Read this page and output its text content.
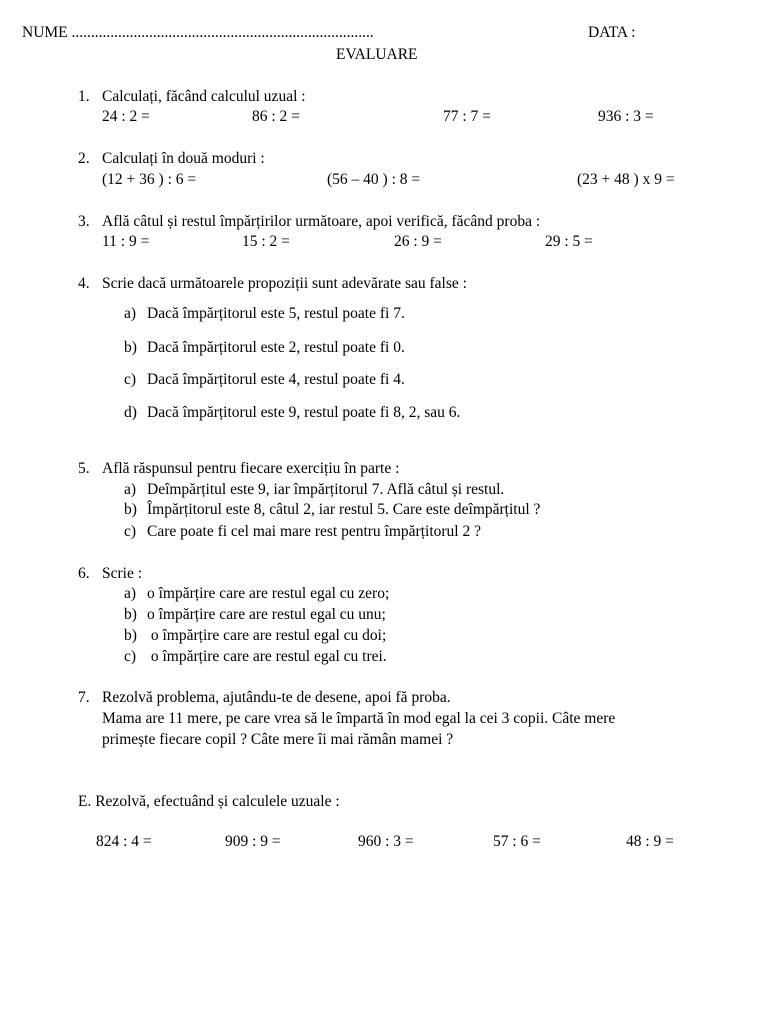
NUME ..............................................................................	DATA :
EVALUARE
1. Calculați, făcând calculul uzual :
24 : 2 =	86 : 2 =	77 : 7 =	936 : 3 =
2. Calculați în două moduri :
(12 + 36 ) : 6 =	(56 – 40 ) : 8 =	(23 + 48 ) x 9 =
3. Află câtul și restul împărțirilor următoare, apoi verifică, făcând proba :
11 : 9 =	15 : 2 =	26 : 9 =	29 : 5 =
4. Scrie dacă următoarele propoziții sunt adevărate sau false :
a) Dacă împărțitorul este 5, restul poate fi 7.
b) Dacă împărțitorul este 2, restul poate fi 0.
c) Dacă împărțitorul este 4, restul poate fi 4.
d) Dacă împărțitorul este 9, restul poate fi 8, 2, sau 6.
5. Află răspunsul pentru fiecare exercițiu în parte :
a) Deîmpărțitul este 9, iar împărțitorul 7. Află câtul și restul.
b) Împărțitorul este 8, câtul 2, iar restul 5. Care este deîmpărțitul ?
c) Care poate fi cel mai mare rest pentru împărțitorul 2 ?
6. Scrie :
a) o împărțire care are restul egal cu zero;
b) o împărțire care are restul egal cu unu;
b) o împărțire care are restul egal cu doi;
c) o împărțire care are restul egal cu trei.
7. Rezolvă problema, ajutându-te de desene, apoi fă proba.
Mama are 11 mere, pe care vrea să le împartă în mod egal la cei 3 copii. Câte mere
primește fiecare copil ? Câte mere îi mai rămân mamei ?
E. Rezolvă, efectuând și calculele uzuale :
824 : 4 =	909 : 9 =	960 : 3 =	57 : 6 =	48 : 9 =
